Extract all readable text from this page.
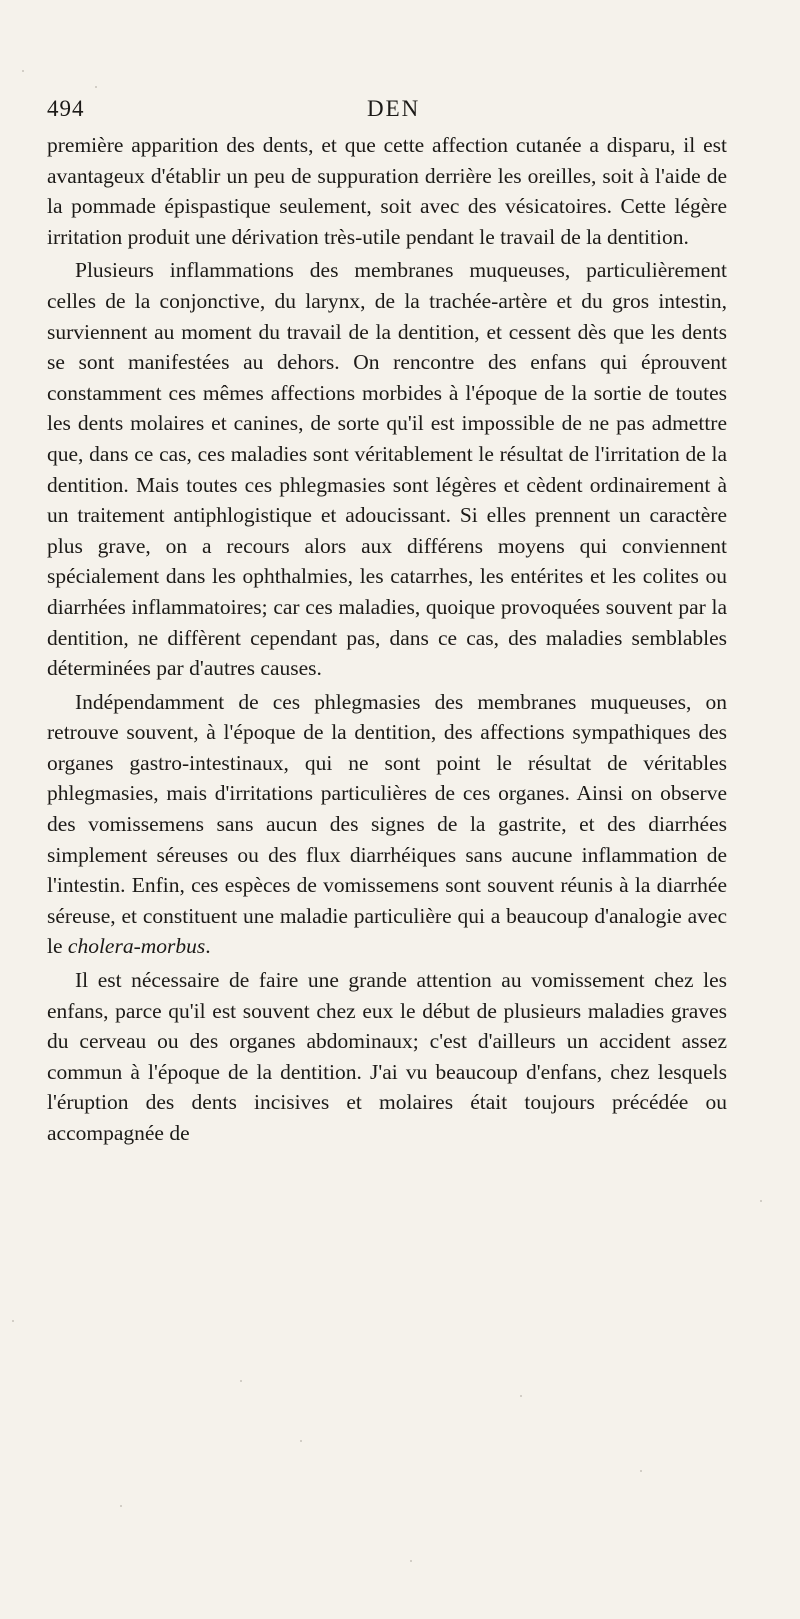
494	DEN

première apparition des dents, et que cette affection cutanée a disparu, il est avantageux d'établir un peu de suppuration derrière les oreilles, soit à l'aide de la pommade épispastique seulement, soit avec des vésicatoires. Cette légère irritation produit une dérivation très-utile pendant le travail de la dentition.

Plusieurs inflammations des membranes muqueuses, particulièrement celles de la conjonctive, du larynx, de la trachée-artère et du gros intestin, surviennent au moment du travail de la dentition, et cessent dès que les dents se sont manifestées au dehors. On rencontre des enfans qui éprouvent constamment ces mêmes affections morbides à l'époque de la sortie de toutes les dents molaires et canines, de sorte qu'il est impossible de ne pas admettre que, dans ce cas, ces maladies sont véritablement le résultat de l'irritation de la dentition. Mais toutes ces phlegmasies sont légères et cèdent ordinairement à un traitement antiphlogistique et adoucissant. Si elles prennent un caractère plus grave, on a recours alors aux différens moyens qui conviennent spécialement dans les ophthalmies, les catarrhes, les entérites et les colites ou diarrhées inflammatoires; car ces maladies, quoique provoquées souvent par la dentition, ne diffèrent cependant pas, dans ce cas, des maladies semblables déterminées par d'autres causes.

Indépendamment de ces phlegmasies des membranes muqueuses, on retrouve souvent, à l'époque de la dentition, des affections sympathiques des organes gastro-intestinaux, qui ne sont point le résultat de véritables phlegmasies, mais d'irritations particulières de ces organes. Ainsi on observe des vomissemens sans aucun des signes de la gastrite, et des diarrhées simplement séreuses ou des flux diarrhéiques sans aucune inflammation de l'intestin. Enfin, ces espèces de vomissemens sont souvent réunis à la diarrhée séreuse, et constituent une maladie particulière qui a beaucoup d'analogie avec le cholera-morbus.

Il est nécessaire de faire une grande attention au vomissement chez les enfans, parce qu'il est souvent chez eux le début de plusieurs maladies graves du cerveau ou des organes abdominaux; c'est d'ailleurs un accident assez commun à l'époque de la dentition. J'ai vu beaucoup d'enfans, chez lesquels l'éruption des dents incisives et molaires était toujours précédée ou accompagnée de
